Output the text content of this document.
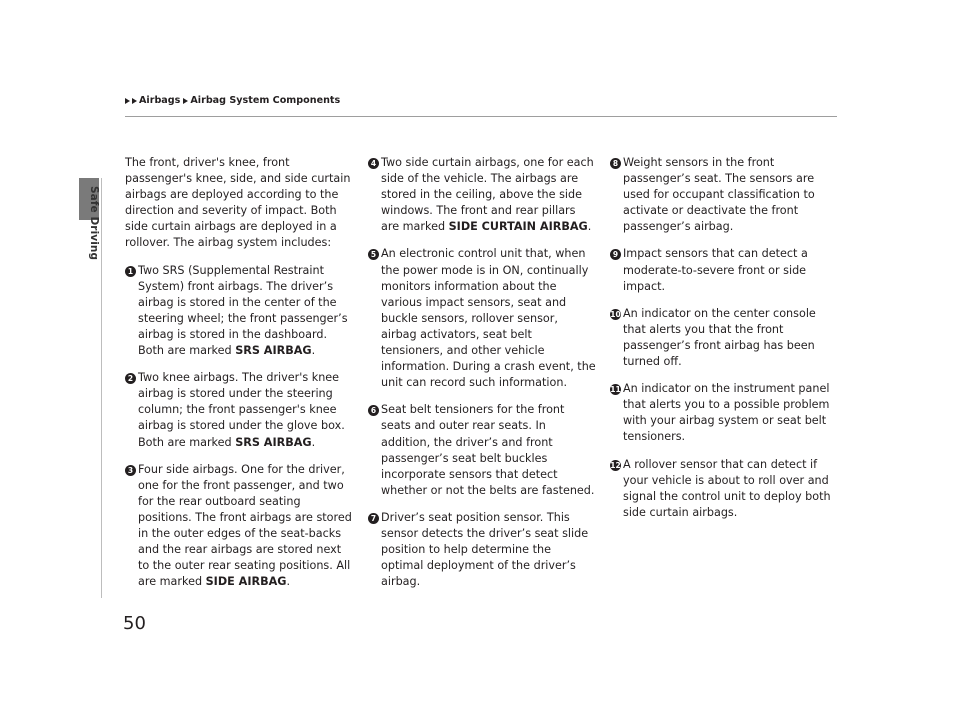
Safe Driving
Airbags Airbag System Components

The front, driver's knee, front passenger's knee, side, and side curtain airbags are deployed according to the direction and severity of impact. Both side curtain airbags are deployed in a rollover. The airbag system includes:

1 Two SRS (Supplemental Restraint System) front airbags. The driver’s airbag is stored in the center of the steering wheel; the front passenger’s airbag is stored in the dashboard. Both are marked SRS AIRBAG.
2 Two knee airbags. The driver's knee airbag is stored under the steering column; the front passenger's knee airbag is stored under the glove box. Both are marked SRS AIRBAG.
3 Four side airbags. One for the driver, one for the front passenger, and two for the rear outboard seating positions. The front airbags are stored in the outer edges of the seat-backs and the rear airbags are stored next to the outer rear seating positions. All are marked SIDE AIRBAG.
4 Two side curtain airbags, one for each side of the vehicle. The airbags are stored in the ceiling, above the side windows. The front and rear pillars are marked SIDE CURTAIN AIRBAG.
5 An electronic control unit that, when the power mode is in ON, continually monitors information about the various impact sensors, seat and buckle sensors, rollover sensor, airbag activators, seat belt tensioners, and other vehicle information. During a crash event, the unit can record such information.
6 Seat belt tensioners for the front seats and outer rear seats. In addition, the driver’s and front passenger’s seat belt buckles incorporate sensors that detect whether or not the belts are fastened.
7 Driver’s seat position sensor. This sensor detects the driver’s seat slide position to help determine the optimal deployment of the driver’s airbag.
8 Weight sensors in the front passenger’s seat. The sensors are used for occupant classification to activate or deactivate the front passenger’s airbag.
9 Impact sensors that can detect a moderate-to-severe front or side impact.
10 An indicator on the center console that alerts you that the front passenger’s front airbag has been turned off.
11 An indicator on the instrument panel that alerts you to a possible problem with your airbag system or seat belt tensioners.
12 A rollover sensor that can detect if your vehicle is about to roll over and signal the control unit to deploy both side curtain airbags.
50
